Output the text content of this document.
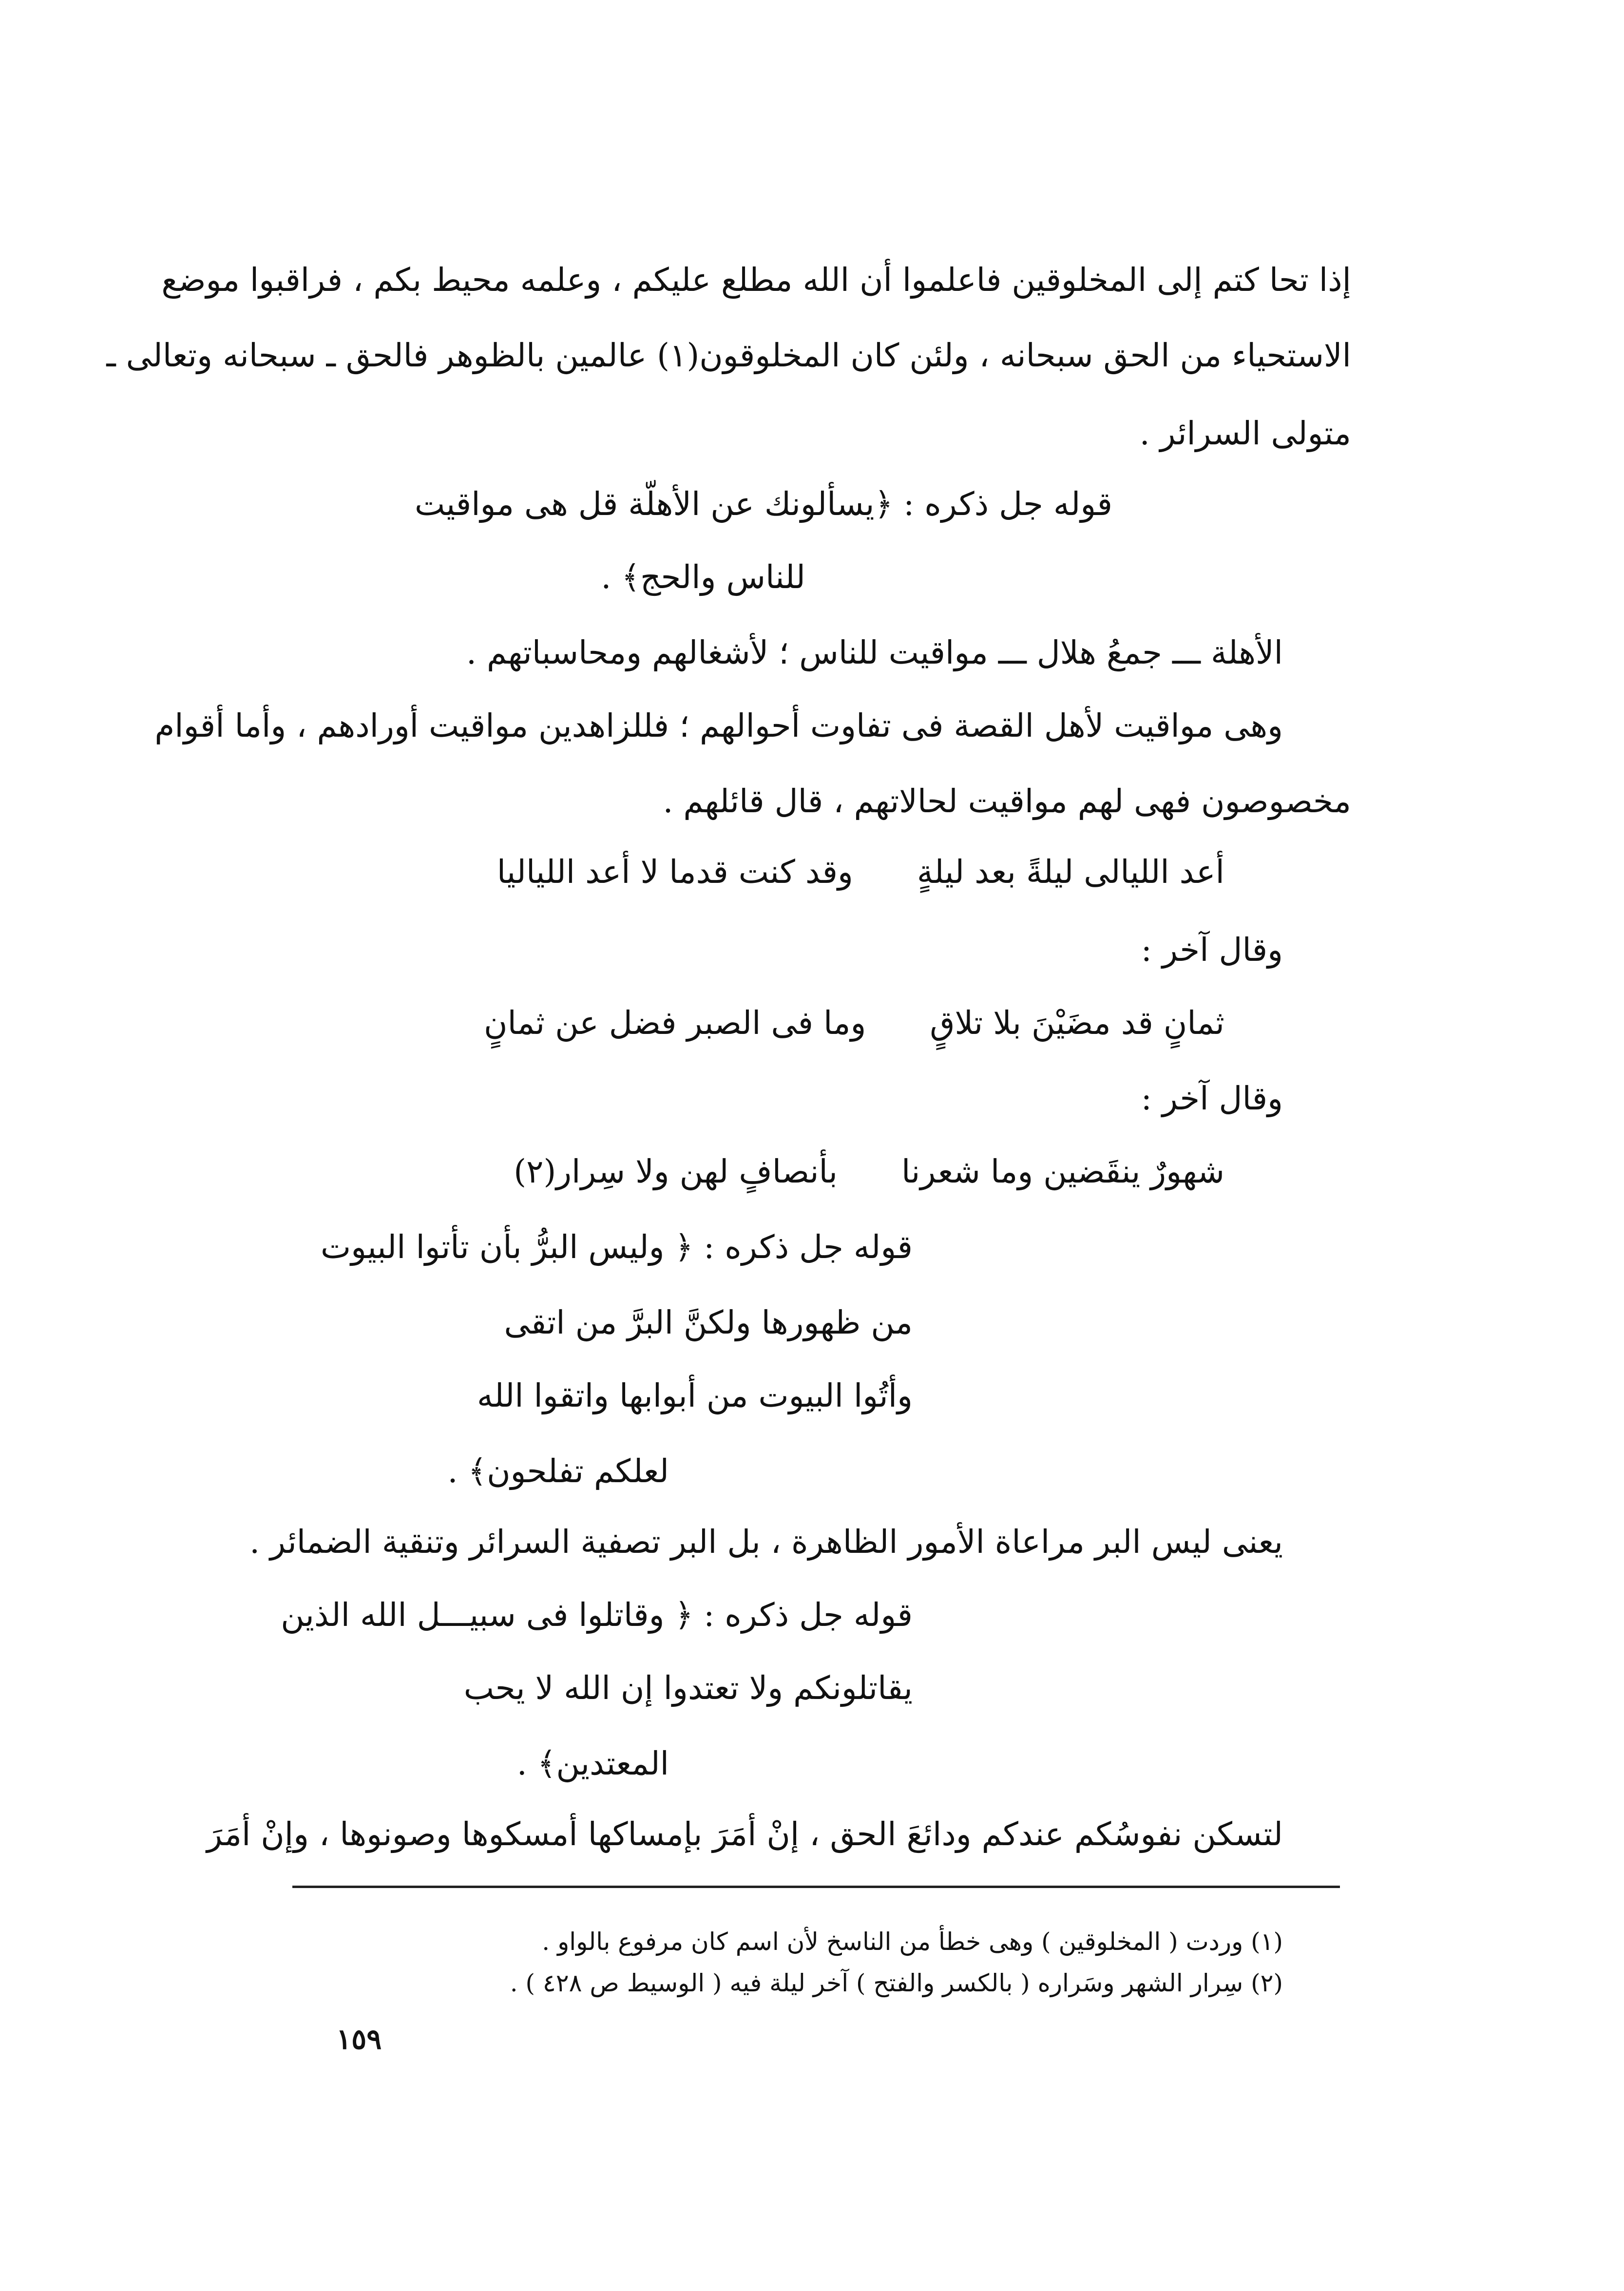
إذا تحا كتم إلى المخلوقين فاعلموا أن الله مطلع عليكم ، وعلمه محيط بكم ، فراقبوا موضع

الاستحياء من الحق سبحانه ، ولئن كان المخلوقون(١) عالمين بالظوهر فالحق ـ سبحانه وتعالى ـ

متولى السرائر .

قوله جل ذكره : ﴿يسألونك عن الأهلّة قل هى مواقيت

للناس والحج﴾ .

الأهلة ـــ جمعُ هلال ـــ مواقيت للناس ؛ لأشغالهم ومحاسباتهم .

وهى مواقيت لأهل القصة فى تفاوت أحوالهم ؛ فللزاهدين مواقيت أورادهم ، وأما أقوام

مخصوصون فهى لهم مواقيت لحالاتهم ، قال قائلهم .

أعد الليالى ليلةً بعد ليلةٍ وقد كنت قدما لا أعد اللياليا

وقال آخر :

ثمانٍ قد مضَيْنَ بلا تلاقٍ وما فى الصبر فضل عن ثمانٍ

وقال آخر :

شهورٌ ينقَضين وما شعرنا بأنصافٍ لهن ولا سِرار(٢)

قوله جل ذكره : ﴿ وليس البرُّ بأن تأتوا البيوت

من ظهورها ولكنَّ البرَّ من اتقى

وأتُوا البيوت من أبوابها واتقوا الله

لعلكم تفلحون﴾ .

يعنى ليس البر مراعاة الأمور الظاهرة ، بل البر تصفية السرائر وتنقية الضمائر .

قوله جل ذكره : ﴿ وقاتلوا فى سبيـــل الله الذين

يقاتلونكم ولا تعتدوا إن الله لا يحب

المعتدين﴾ .

لتسكن نفوسُكم عندكم ودائعَ الحق ، إنْ أمَرَ بإمساكها أمسكوها وصونوها ، وإنْ أمَرَ

(١) وردت ( المخلوقين ) وهى خطأ من الناسخ لأن اسم كان مرفوع بالواو .

(٢) سِرار الشهر وسَراره ( بالكسر والفتح ) آخر ليلة فيه ( الوسيط ص ٤٢٨ ) .

١٥٩
